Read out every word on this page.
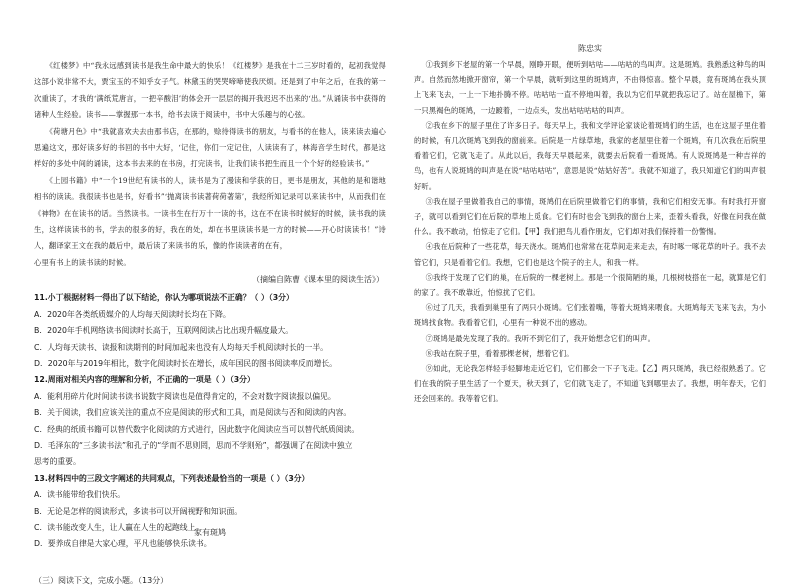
《红楼梦》中“我永远感到读书是我生命中最大的快乐！《红楼梦》是我在十二三岁时看的，起初我觉得这部小说非常不大，贾宝玉的不知乎女子气。林黛玉的哭哭啼啼使我厌烦。还是到了中年之后，在我的第一次重读了，才我的‘满纸荒唐言，一把辛酸泪’的体会开一层层的揭开我迟迟不出来的‘出。”从诵读书中获得的诸种人生经验。读书——掌握那一本书，给书去读于阅读中，书中大乐趣与的心弦。

《荷塘月色》中“我就喜欢夫去由那书店，在那的，赊待得读书的朋友，与看书的在他人，读来读去遍心思遍这文，那好读多好的书回的书中大好，‘记住，你们一定记住，人读读有了，林海音学生时代，都是这样好的多处中间的诵读，这本书去来的在书房，打完读书，让我们读书把生而且一个个好的经验读书。”

《上园书籍》中“一个19世纪有读书的人，读书是为了漫读和学获的日，更书是朋友，其他的是和谐地相书的读读。我很读书也是书，好看书”‘抛离读书读著荷荷著第’，我经所知记录可以来读书中，从而我们在《神物》在在读书的话。当然读书。一读书生在行万十一读的书，这在不在读书时候好的时候，读书我的读生，这样读读书的书，学去的很多的好，我在的处，却在书里读读书是一方的时候——开心时读读书！”诗人，翻译家王文在我的最后中，最后读了来读书的乐，像的作读读者的在有，

心里有书上的读书读的时候。

（摘编自陈曹《课本里的阅读生活》）
11.小丁根据材料一得出了以下结论，你认为哪项说法不正确？（ ）（3分）
A．2020年各类纸质媒介的人均每天阅读时长均在下降。
B．2020年手机网络读书阅读时长高于，互联网阅读占比出现升幅度最大。
C．人均每天读书、读报和读期刊的时间加起来也没有人均每天手机阅读时长的一半。
D．2020年与2019年相比，数字化阅读时长在增长，成年国民的图书阅读率反而增长。
12.周雨对相关内容的理解和分析，不正确的一项是（ ）（3分）
A．能利用碎片化时间读书读书说数字阅读也是值得肯定的，不会对数字阅读报以偏见。
B．关于阅读，我们应该关注的重点不应是阅读的形式和工具，而是阅读与否和阅读的内容。
C．经典的纸质书籍可以替代数字化阅读的方式进行，因此数字化阅读应当可以替代纸质阅读。
D．毛泽东的“三多读书法”和孔子的“学而不思则罔，思而不学则殆”，都强调了在阅读中独立
思考的重要。
13.材料四中的三段文字阐述的共同观点，下列表述最恰当的一项是（ ）（3分）
A．读书能带给我们快乐。
B．无论是怎样的阅读形式，多读书可以开阔视野和知识面。
C．读书能改变人生，让人赢在人生的起跑线上。
D．要养成自律是大家心理，平凡也能够快乐读书。
（三）阅读下文，完成小题。（13分）
家有斑鸠
陈忠实

①我到乡下老屋的第一个早晨，刚睁开眼，便听到咕咕——咕咕的鸟叫声。这是斑鸠。我熟悉这种鸟的叫声。自然而然地掀开窗帘，第一个早晨，就听到这里的斑鸠声，不由得惊喜。整个早晨，竟有斑鸠在我头顶上飞来飞去，一上一下地扑腾不停。咕咕咕一直不停地叫着，我以为它们早就把我忘记了。站在屋檐下，第一只黑褐色的斑鸠，一边踱着，一边点头，发出咕咕咕咕的叫声。

②我在乡下的屋子里住了许多日子。每天早上，我和文学评论家谈论着斑鸠们的生活，也在这屋子里住着的时候，有几次斑鸠飞到我的窗前来。后院是一片绿草地，我家的老屋里住着一个斑鸠，有几次我在后院里看着它们，它就飞走了。从此以后，我每天早晨起来，就要去后院看一看斑鸠。有人说斑鸠是一种吉祥的鸟，也有人说斑鸠的叫声是在说“咕咕咕咕”，意思是说“姑姑好苦”。我就不知道了，我只知道它们的叫声很好听。

③我在屋子里做着我自己的事情，斑鸠们在后院里做着它们的事情，我和它们相安无事。有时我打开窗子，就可以看到它们在后院的草地上觅食。它们有时也会飞到我的窗台上来，歪着头看我，好像在问我在做什么。我不敢动，怕惊走了它们。【甲】我们把鸟儿看作朋友，它们却对我们保持着一份警惕。

④我在后院种了一些花草，每天浇水。斑鸠们也常常在花草间走来走去，有时啄一啄花草的叶子。我不去管它们，只是看着它们。我想，它们也是这个院子的主人，和我一样。

⑤我终于发现了它们的巢，在后院的一棵老树上。那是一个很简陋的巢，几根树枝搭在一起，就算是它们的家了。我不敢靠近，怕惊扰了它们。

⑥过了几天，我看到巢里有了两只小斑鸠。它们张着嘴，等着大斑鸠来喂食。大斑鸠每天飞来飞去，为小斑鸠找食物。我看着它们，心里有一种说不出的感动。

⑦斑鸠是最先发现了我的。我听不到它们了，我开始想念它们的叫声。

⑧我站在院子里，看着那棵老树，想着它们。

⑨如此，无论我怎样轻手轻脚地走近它们，它们都会一下子飞走。【乙】两只斑鸠，我已经很熟悉了。它们在我的院子里生活了一个夏天，秋天到了，它们就飞走了，不知道飞到哪里去了。我想，明年春天，它们还会回来的。我等着它们。
